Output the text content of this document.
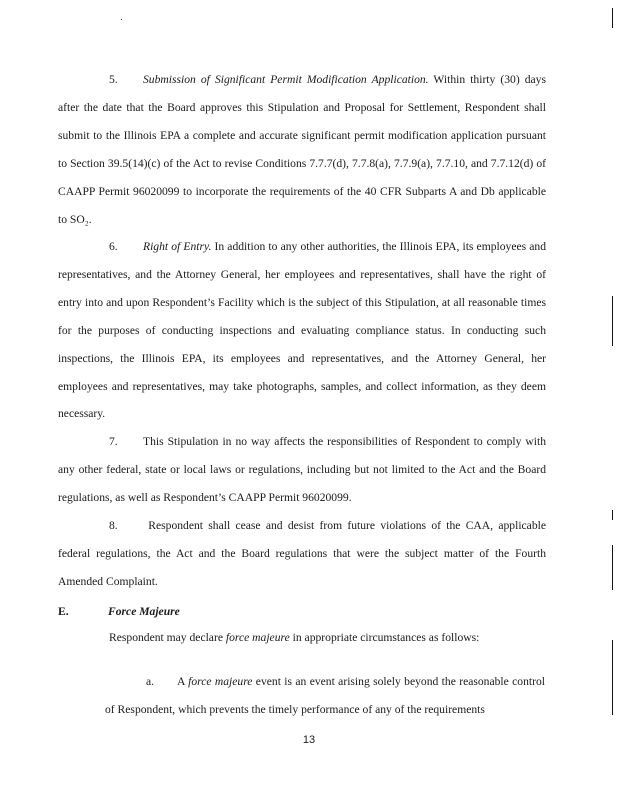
5. Submission of Significant Permit Modification Application. Within thirty (30) days after the date that the Board approves this Stipulation and Proposal for Settlement, Respondent shall submit to the Illinois EPA a complete and accurate significant permit modification application pursuant to Section 39.5(14)(c) of the Act to revise Conditions 7.7.7(d), 7.7.8(a), 7.7.9(a), 7.7.10, and 7.7.12(d) of CAAPP Permit 96020099 to incorporate the requirements of the 40 CFR Subparts A and Db applicable to SO₂.
6. Right of Entry. In addition to any other authorities, the Illinois EPA, its employees and representatives, and the Attorney General, her employees and representatives, shall have the right of entry into and upon Respondent’s Facility which is the subject of this Stipulation, at all reasonable times for the purposes of conducting inspections and evaluating compliance status. In conducting such inspections, the Illinois EPA, its employees and representatives, and the Attorney General, her employees and representatives, may take photographs, samples, and collect information, as they deem necessary.
7. This Stipulation in no way affects the responsibilities of Respondent to comply with any other federal, state or local laws or regulations, including but not limited to the Act and the Board regulations, as well as Respondent’s CAAPP Permit 96020099.
8. Respondent shall cease and desist from future violations of the CAA, applicable federal regulations, the Act and the Board regulations that were the subject matter of the Fourth Amended Complaint.
E.	Force Majeure
Respondent may declare force majeure in appropriate circumstances as follows:
a. A force majeure event is an event arising solely beyond the reasonable control of Respondent, which prevents the timely performance of any of the requirements
13
